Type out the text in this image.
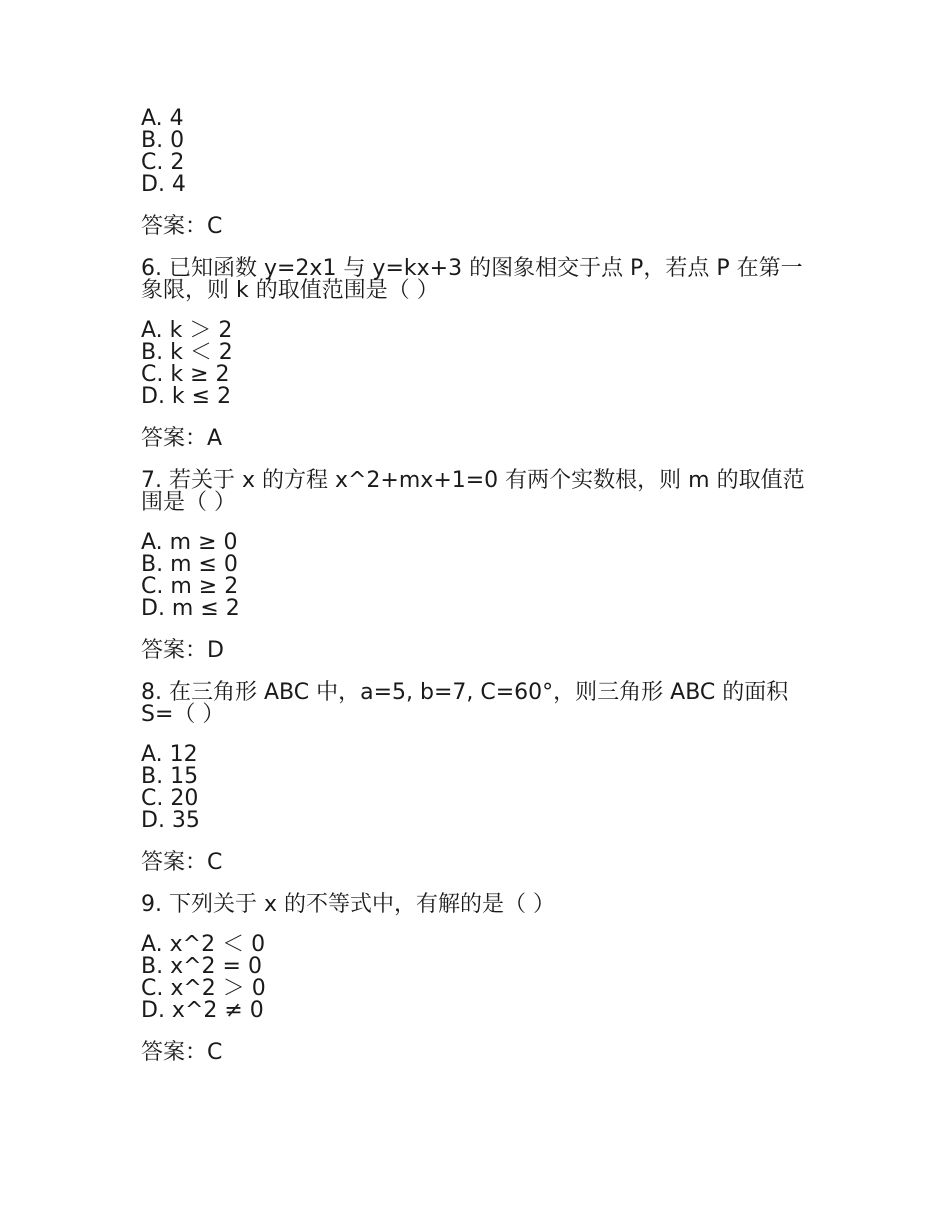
A. 4
B. 0
C. 2
D. 4
答案：C
6. 已知函数 y=2x1 与 y=kx+3 的图象相交于点 P，若点 P 在第一象限，则 k 的取值范围是（ ）
A. k ＞ 2
B. k ＜ 2
C. k ≥ 2
D. k ≤ 2
答案：A
7. 若关于 x 的方程 x^2+mx+1=0 有两个实数根，则 m 的取值范围是（ ）
A. m ≥ 0
B. m ≤ 0
C. m ≥ 2
D. m ≤ 2
答案：D
8. 在三角形 ABC 中，a=5, b=7, C=60°，则三角形 ABC 的面积 S=（ ）
A. 12
B. 15
C. 20
D. 35
答案：C
9. 下列关于 x 的不等式中，有解的是（ ）
A. x^2 ＜ 0
B. x^2 = 0
C. x^2 ＞ 0
D. x^2 ≠ 0
答案：C
